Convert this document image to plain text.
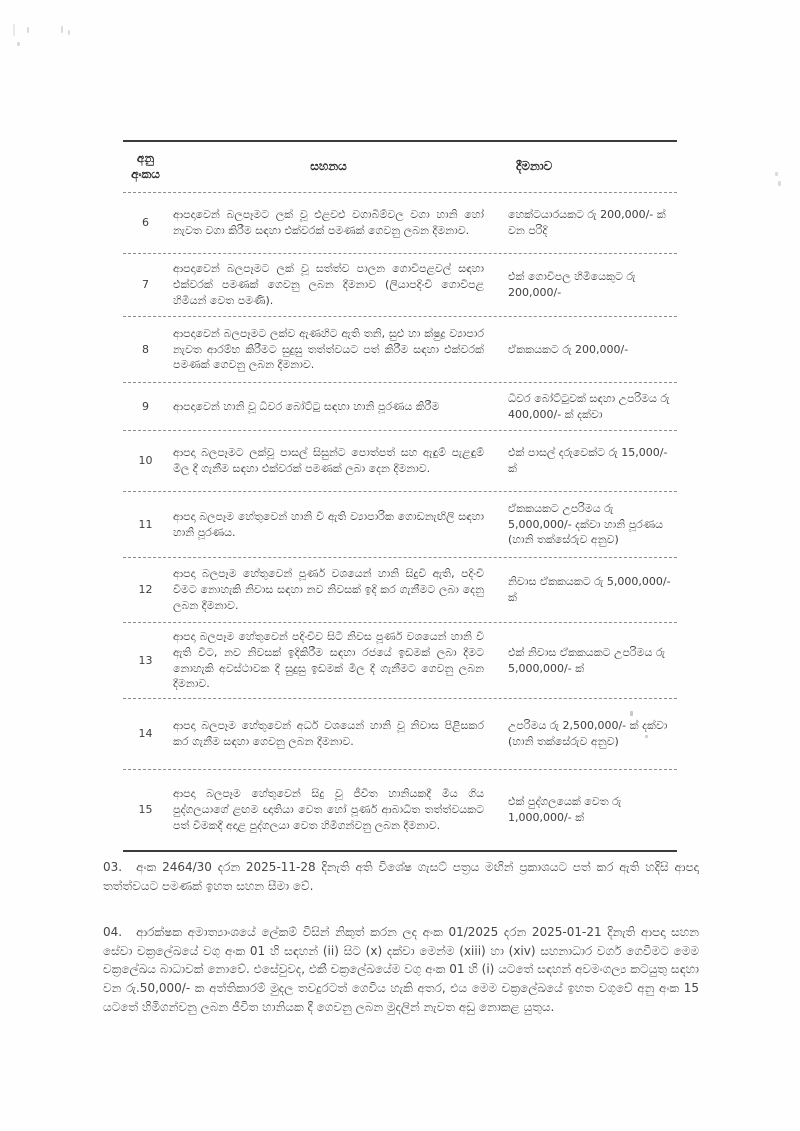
අනු අංකය
සහනය	දීමනාව
6
ආපදාවෙන් බලපෑමට ලක් වූ එළවළු වගාබිම්වල වගා හානි හෝ නැවත වගා කිරීම සඳහා එක්වරක් පමණක් ගෙවනු ලබන දීමනාව.
හෙක්ටයාරයකට රු 200,000/- ක් වන පරිදි
7
ආපදාවෙන් බලපෑමට ලක් වූ සත්ත්ව පාලන ගොවිපළවල් සඳහා එක්වරක් පමණක් ගෙවනු ලබන දීමනාව (ලියාපදිංචි ගොවිපළ හිමියන් වෙත පමණි).
එක් ගොවිපල හිමියෙකුට රු 200,000/-
8
ආපදාවෙන් බලපෑමට ලක්ව ඇණහිට ඇති තනි, සුළු හා ක්ෂුද්‍ර ව්‍යාපාර නැවත ආරම්භ කිරීමට සුදුසු තත්ත්වයට පත් කිරීම සඳහා එක්වරක් පමණක් ගෙවනු ලබන දීමනාව.
ඒකකයකට රු 200,000/-
9	ආපදාවෙන් හානි වූ ධීවර බෝට්ටු සඳහා හානි පූරණය කිරීම
ධීවර බෝට්ටුවක් සඳහා උපරිමය රු 400,000/- ක් දක්වා
10
ආපදා බලපෑමට ලක්වූ පාසල් සිසුන්ට පොත්පත් සහ ඇඳුම් පැළඳුම් මිල දී ගැනීම සඳහා එක්වරක් පමණක් ලබා දෙන දීමනාව.
එක් පාසල් දරුවෙක්ට රු 15,000/- ක්
11
ආපදා බලපෑම හේතුවෙන් හානි වී ඇති ව්‍යාපාරික ගොඩනැඟිලි සඳහා හානි පූරණය.
ඒකකයකට උපරිමය රු 5,000,000/- දක්වා හානි පූරණය (හානි තක්සේරුව අනුව)
12
ආපදා බලපෑම හේතුවෙන් පූර්ණ වශයෙන් හානි සිදුවී ඇති, පදිංචි වීමට නොහැකි නිවාස සඳහා නව නිවසක් ඉදි කර ගැනීමට ලබා දෙනු ලබන දීමනාව.
නිවාස ඒකකයකට රු 5,000,000/- ක්
13
ආපදා බලපෑම හේතුවෙන් පදිංචිව සිටි නිවස පූර්ණ වශයෙන් හානි වී ඇති විට, නව නිවසක් ඉදිකිරීම සඳහා රජයේ ඉඩමක් ලබා දීමට නොහැකි අවස්ථාවක දී සුදුසු ඉඩමක් මිල දී ගැනීමට ගෙවනු ලබන දීමනාව.
එක් නිවාස ඒකකයකට උපරිමය රු 5,000,000/- ක්
14
ආපදා බලපෑම හේතුවෙන් අර්ධ වශයෙන් හානි වූ නිවාස පිළිසකර කර ගැනීම සඳහා ගෙවනු ලබන දීමනාව.
උපරිමය රු 2,500,000/- ක් දක්වා (හානි තක්සේරුව අනුව)
15
ආපදා බලපෑම හේතුවෙන් සිදු වූ ජීවිත හානියකදී මිය ගිය පුද්ගලයාගේ ළඟම ඥාතියා වෙත හෝ පූර්ණ ආබාධිත තත්ත්වයකට පත් වීමකදී අදාළ පුද්ගලයා වෙත හිමිගන්වනු ලබන දීමනාව.
එක් පුද්ගලයෙක් වෙත රු 1,000,000/- ක්

03. අංක 2464/30 දරන 2025-11-28 දිනැති අති විශේෂ ගැසට් පත්‍රය මඟින් ප්‍රකාශයට පත් කර ඇති හදිසි ආපදා තත්ත්වයට පමණක් ඉහත සහන සීමා වේ.

04. ආරක්ෂක අමාත්‍යාංශයේ ලේකම් විසින් නිකුත් කරන ලද අංක 01/2025 දරන 2025-01-21 දිනැති ආපදා සහන සේවා චක්‍රලේඛයේ වගු අංක 01 හි සඳහන් (ii) සිට (x) දක්වා මෙන්ම (xiii) හා (xiv) සහනාධාර වර්ග ගෙවීමට මෙම චක්‍රලේඛය බාධාවක් නොවේ. එසේවුවද, එකී චක්‍රලේඛයේම වගු අංක 01 හි (i) යටතේ සඳහන් අවමංගල්‍ය කටයුතු සඳහා වන රු.50,000/- ක අත්තිකාරම් මුදල තවදුරටත් ගෙවිය හැකි අතර, එය මෙම චක්‍රලේඛයේ ඉහත වගුවේ අනු අංක 15 යටතේ හිමිගන්වනු ලබන ජීවිත හානියක දී ගෙවනු ලබන මුදලින් නැවත අඩු නොකළ යුතුය.
